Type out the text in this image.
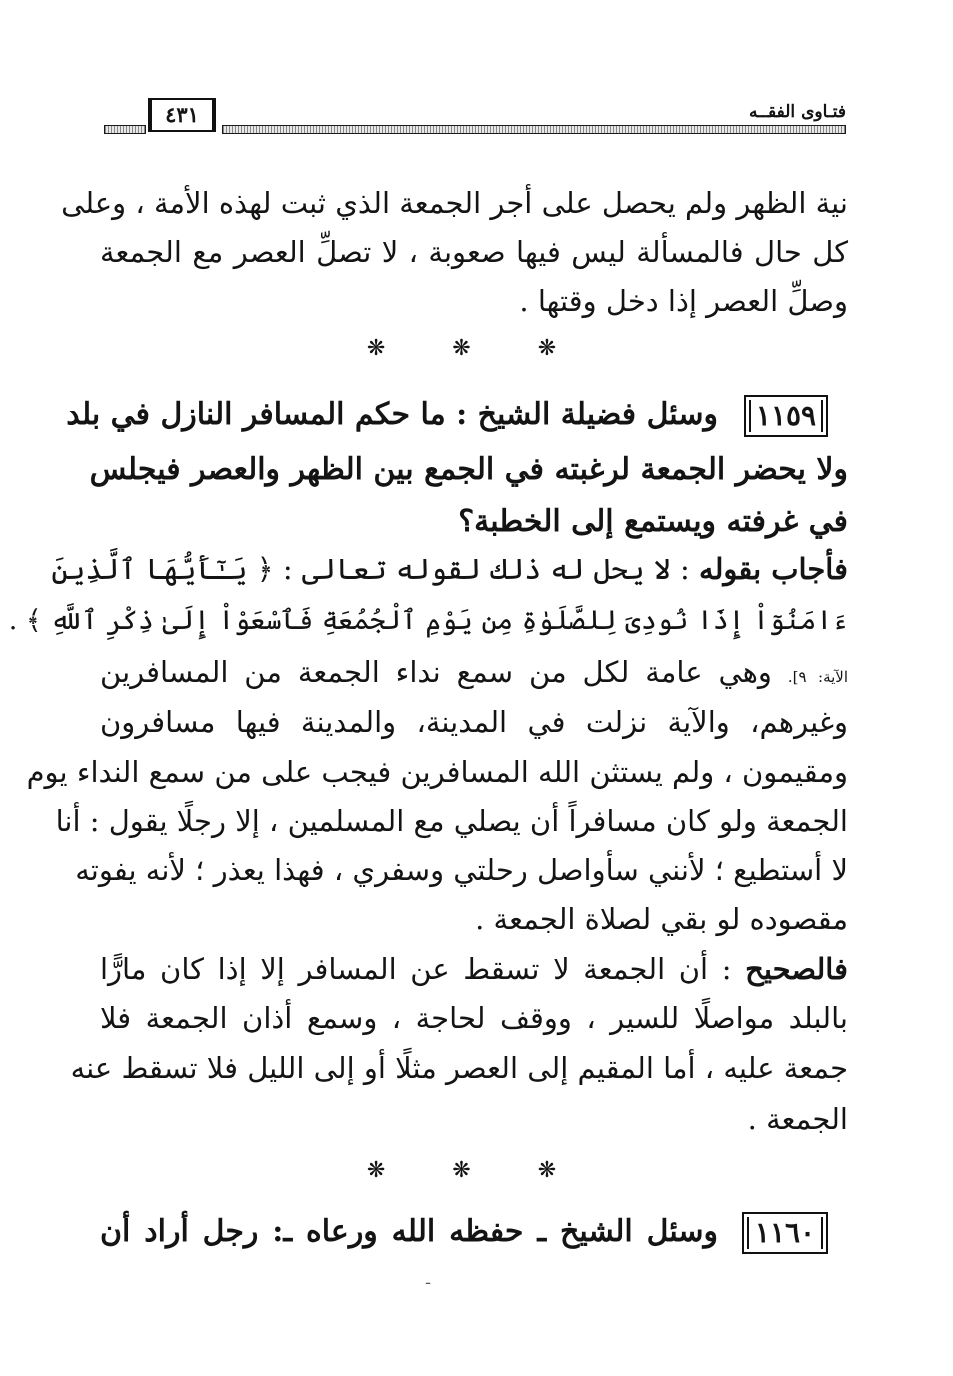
فتـاوى الفقــه
٤٣١
نية الظهر ولم يحصل على أجر الجمعة الذي ثبت لهذه الأمة ، وعلى
كل حال فالمسألة ليس فيها صعوبة ، لا تصلِّ العصر مع الجمعة
وصلِّ العصر إذا دخل وقتها .
❋ ❋ ❋
١١٥٩
وسئل فضيلة الشيخ : ما حكم المسافر النازل في بلد
ولا يحضر الجمعة لرغبته في الجمع بين الظهر والعصر فيجلس
في غرفته ويستمع إلى الخطبة؟
فأجاب بقوله : لا يحل له ذلك لقوله تعالى : ﴿ يَـٰٓأَيُّهَا ٱلَّذِينَ
ءَامَنُوٓاْ إِذَا نُودِىَ لِلصَّلَوٰةِ مِن يَوْمِ ٱلْجُمُعَةِ فَٱسْعَوْاْ إِلَىٰ ذِكْرِ ٱللَّهِ ﴾ .
الآية: ٩]. وهي عامة لكل من سمع نداء الجمعة من المسافرين
وغيرهم، والآية نزلت في المدينة، والمدينة فيها مسافرون
ومقيمون ، ولم يستثن الله المسافرين فيجب على من سمع النداء يوم
الجمعة ولو كان مسافراً أن يصلي مع المسلمين ، إلا رجلًا يقول : أنا
لا أستطيع ؛ لأنني سأواصل رحلتي وسفري ، فهذا يعذر ؛ لأنه يفوته
مقصوده لو بقي لصلاة الجمعة .
فالصحيح : أن الجمعة لا تسقط عن المسافر إلا إذا كان مارًّا
بالبلد مواصلًا للسير ، ووقف لحاجة ، وسمع أذان الجمعة فلا
جمعة عليه ، أما المقيم إلى العصر مثلًا أو إلى الليل فلا تسقط عنه
الجمعة .
❋ ❋ ❋
١١٦٠
وسئل الشيخ ـ حفظه الله ورعاه ـ: رجل أراد أن
ـ
